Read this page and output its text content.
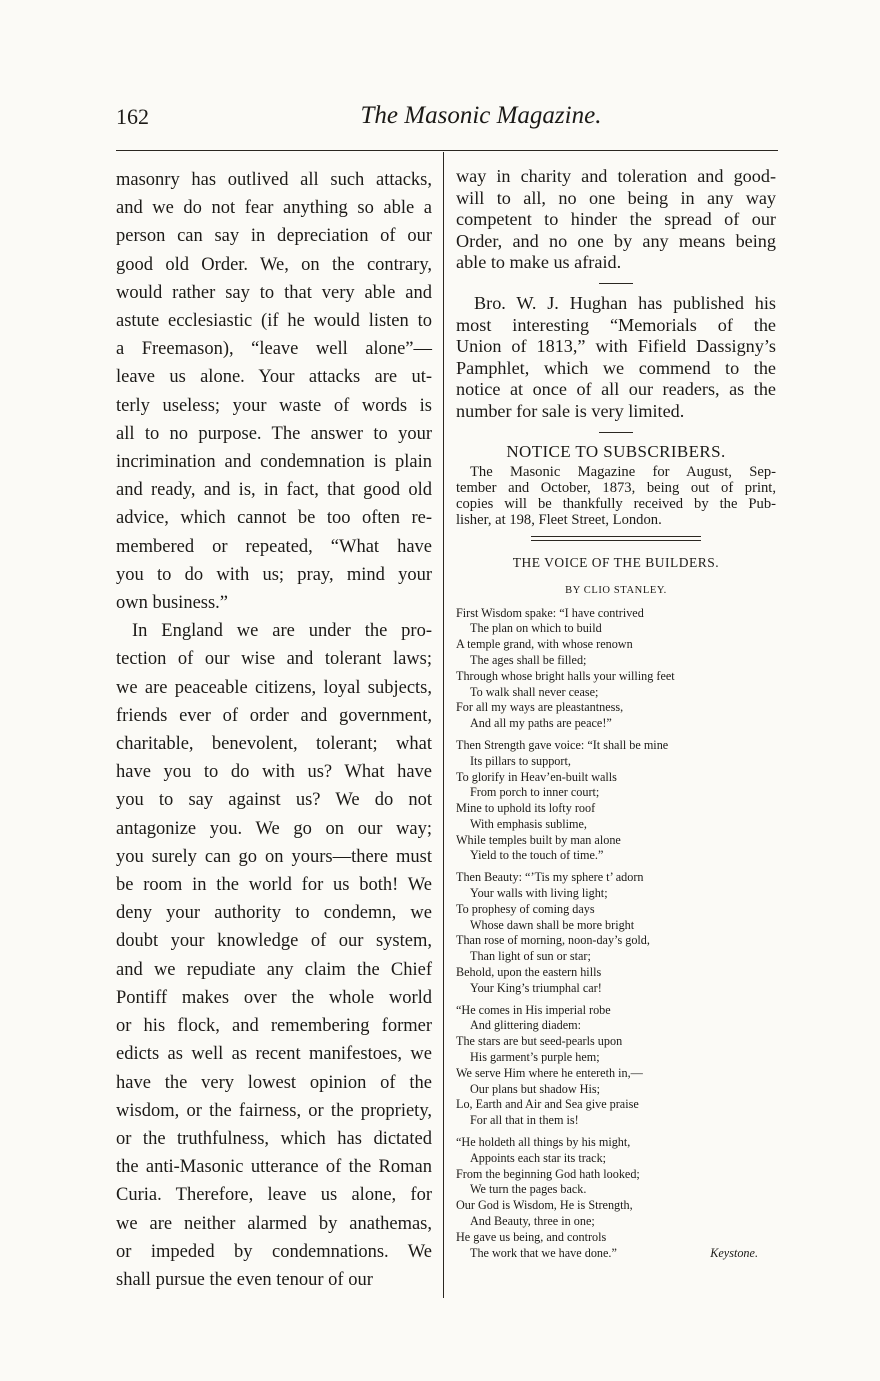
162	The Masonic Magazine.

masonry has outlived all such attacks,
and we do not fear anything so able a
person can say in depreciation of our
good old Order. We, on the contrary,
would rather say to that very able and
astute ecclesiastic (if he would listen to
a Freemason), “leave well alone”—
leave us alone. Your attacks are ut-
terly useless; your waste of words is
all to no purpose. The answer to your
incrimination and condemnation is plain
and ready, and is, in fact, that good old
advice, which cannot be too often re-
membered or repeated, “What have
you to do with us; pray, mind your
own business.”

In England we are under the pro-
tection of our wise and tolerant laws;
we are peaceable citizens, loyal subjects,
friends ever of order and government,
charitable, benevolent, tolerant; what
have you to do with us? What have
you to say against us? We do not
antagonize you. We go on our way;
you surely can go on yours—there must
be room in the world for us both! We
deny your authority to condemn, we
doubt your knowledge of our system,
and we repudiate any claim the Chief
Pontiff makes over the whole world
or his flock, and remembering former
edicts as well as recent manifestoes, we
have the very lowest opinion of the
wisdom, or the fairness, or the propriety,
or the truthfulness, which has dictated
the anti-Masonic utterance of the Roman
Curia. Therefore, leave us alone, for
we are neither alarmed by anathemas,
or impeded by condemnations. We
shall pursue the even tenour of our

way in charity and toleration and good-
will to all, no one being in any way
competent to hinder the spread of our
Order, and no one by any means being
able to make us afraid.

Bro. W. J. Hughan has published his
most interesting “Memorials of the
Union of 1813,” with Fifield Dassigny’s
Pamphlet, which we commend to the
notice at once of all our readers, as the
number for sale is very limited.

NOTICE TO SUBSCRIBERS.

The Masonic Magazine for August, Sep-
tember and October, 1873, being out of print,
copies will be thankfully received by the Pub-
lisher, at 198, Fleet Street, London.

THE VOICE OF THE BUILDERS.
BY CLIO STANLEY.
First Wisdom spake: “I have contrived
The plan on which to build
A temple grand, with whose renown
The ages shall be filled;
Through whose bright halls your willing feet
To walk shall never cease;
For all my ways are pleastantness,
And all my paths are peace!”
Then Strength gave voice: “It shall be mine
Its pillars to support,
To glorify in Heav’en-built walls
From porch to inner court;
Mine to uphold its lofty roof
With emphasis sublime,
While temples built by man alone
Yield to the touch of time.”
Then Beauty: “’Tis my sphere t’ adorn
Your walls with living light;
To prophesy of coming days
Whose dawn shall be more bright
Than rose of morning, noon-day’s gold,
Than light of sun or star;
Behold, upon the eastern hills
Your King’s triumphal car!
“He comes in His imperial robe
And glittering diadem:
The stars are but seed-pearls upon
His garment’s purple hem;
We serve Him where he entereth in,—
Our plans but shadow His;
Lo, Earth and Air and Sea give praise
For all that in them is!
“He holdeth all things by his might,
Appoints each star its track;
From the beginning God hath looked;
We turn the pages back.
Our God is Wisdom, He is Strength,
And Beauty, three in one;
He gave us being, and controls
The work that we have done.”	Keystone.
